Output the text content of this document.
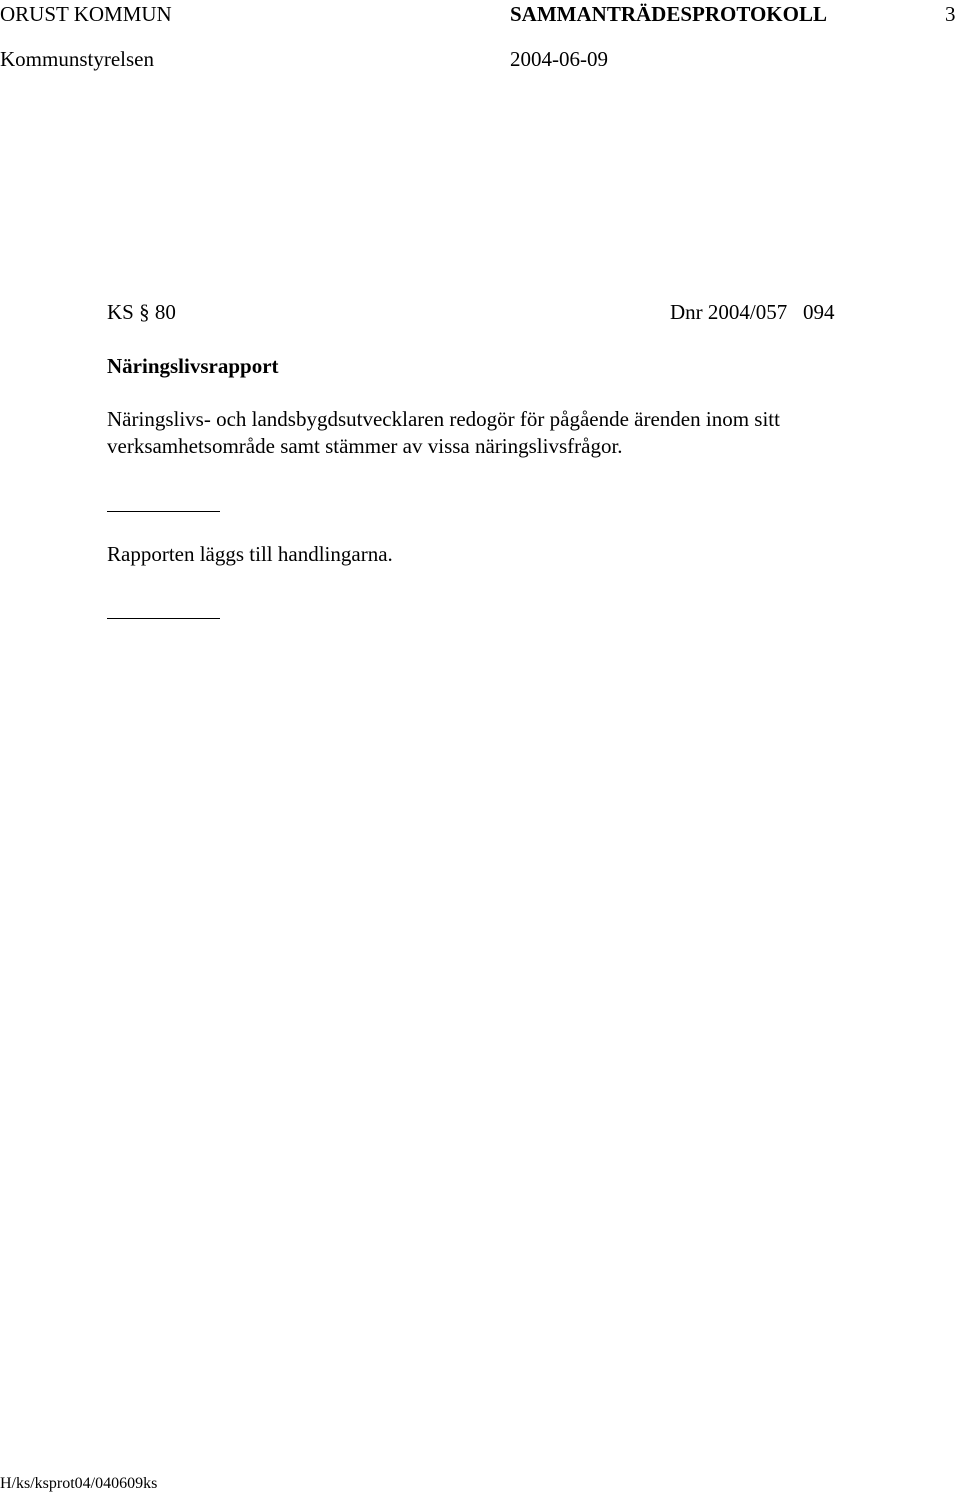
ORUST KOMMUN	SAMMANTRÄDESPROTOKOLL	3
Kommunstyrelsen	2004-06-09
KS § 80	Dnr 2004/057   094
Näringslivsrapport
Näringslivs- och landsbygdsutvecklaren redogör för pågående ärenden inom sitt
verksamhetsområde samt stämmer av vissa näringslivsfrågor.
Rapporten läggs till handlingarna.
H/ks/ksprot04/040609ks
